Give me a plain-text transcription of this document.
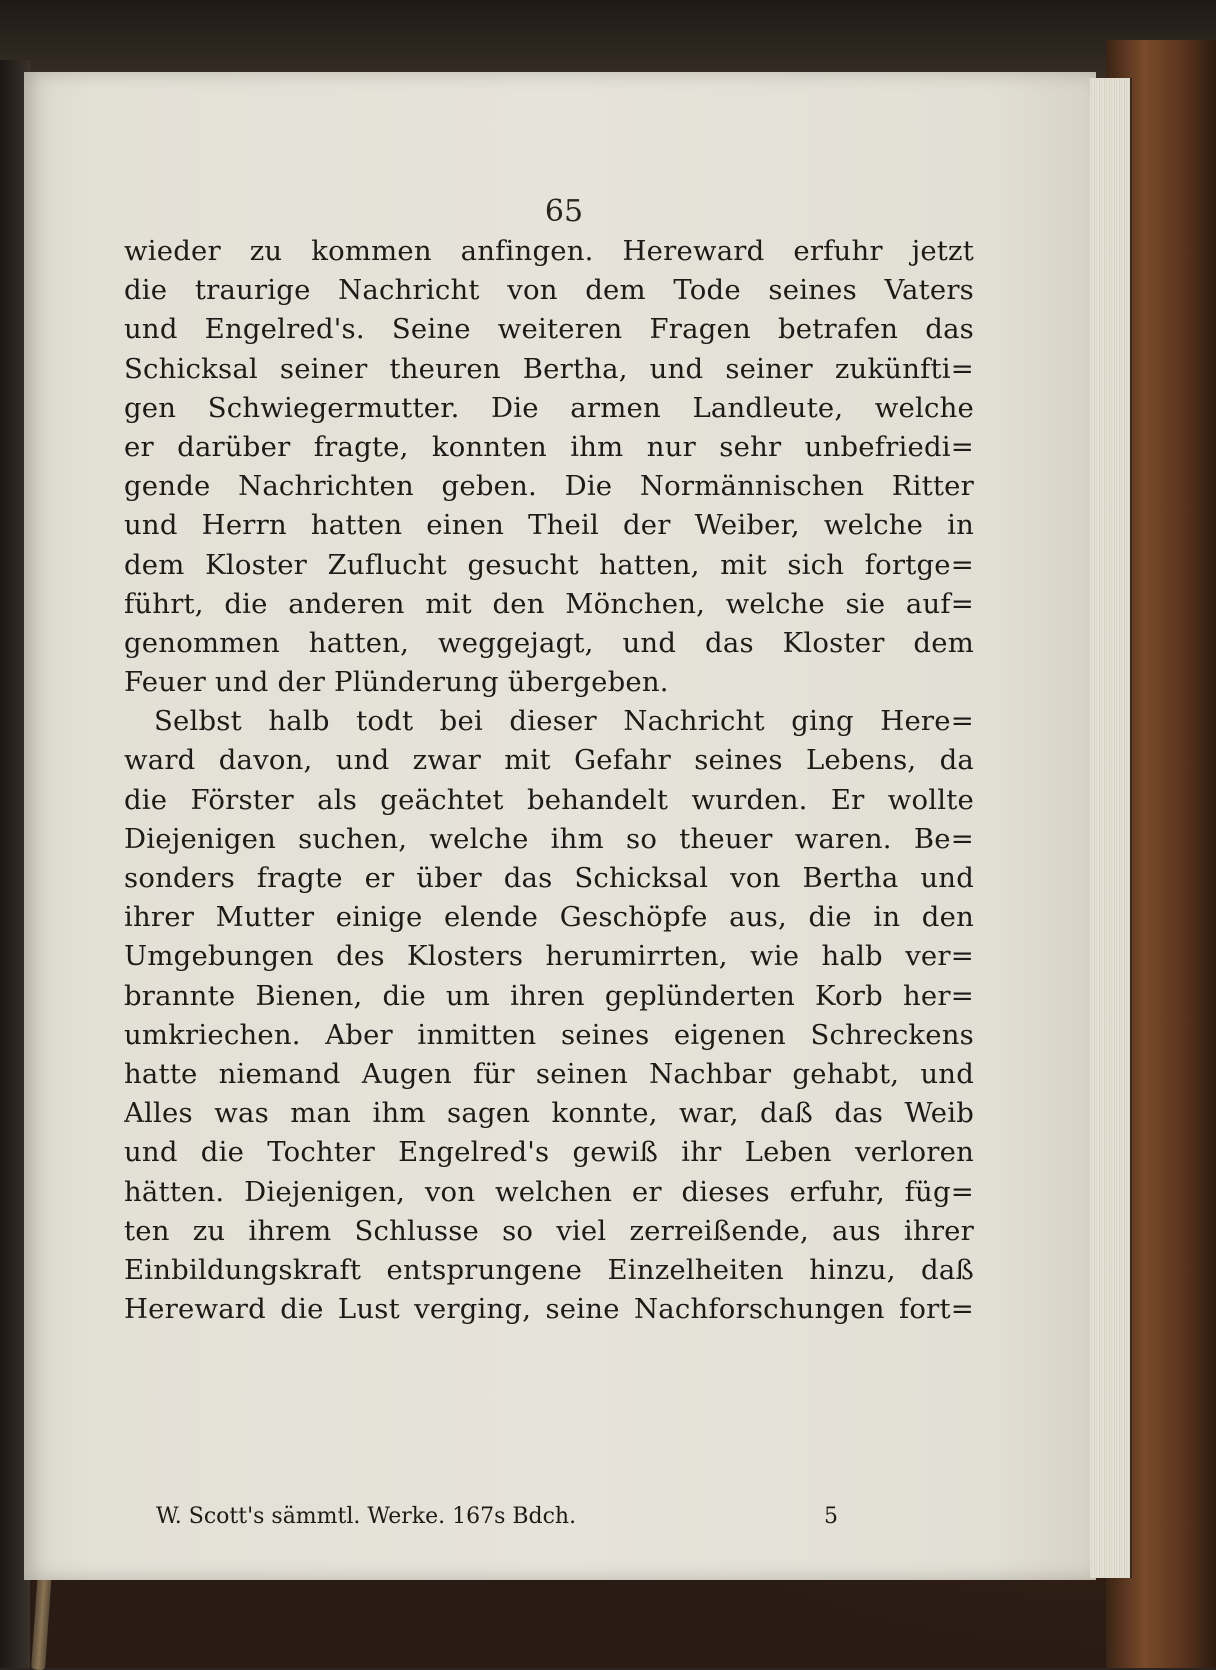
65

wieder zu kommen anfingen. Hereward erfuhr jetzt
die traurige Nachricht von dem Tode seines Vaters
und Engelred's. Seine weiteren Fragen betrafen das
Schicksal seiner theuren Bertha, und seiner zukünfti=
gen Schwiegermutter. Die armen Landleute, welche
er darüber fragte, konnten ihm nur sehr unbefriedi=
gende Nachrichten geben. Die Normännischen Ritter
und Herrn hatten einen Theil der Weiber, welche in
dem Kloster Zuflucht gesucht hatten, mit sich fortge=
führt, die anderen mit den Mönchen, welche sie auf=
genommen hatten, weggejagt, und das Kloster dem
Feuer und der Plünderung übergeben.
Selbst halb todt bei dieser Nachricht ging Here=
ward davon, und zwar mit Gefahr seines Lebens, da
die Förster als geächtet behandelt wurden. Er wollte
Diejenigen suchen, welche ihm so theuer waren. Be=
sonders fragte er über das Schicksal von Bertha und
ihrer Mutter einige elende Geschöpfe aus, die in den
Umgebungen des Klosters herumirrten, wie halb ver=
brannte Bienen, die um ihren geplünderten Korb her=
umkriechen. Aber inmitten seines eigenen Schreckens
hatte niemand Augen für seinen Nachbar gehabt, und
Alles was man ihm sagen konnte, war, daß das Weib
und die Tochter Engelred's gewiß ihr Leben verloren
hätten. Diejenigen, von welchen er dieses erfuhr, füg=
ten zu ihrem Schlusse so viel zerreißende, aus ihrer
Einbildungskraft entsprungene Einzelheiten hinzu, daß
Hereward die Lust verging, seine Nachforschungen fort=
W. Scott's sämmtl. Werke. 167s Bdch.	5
